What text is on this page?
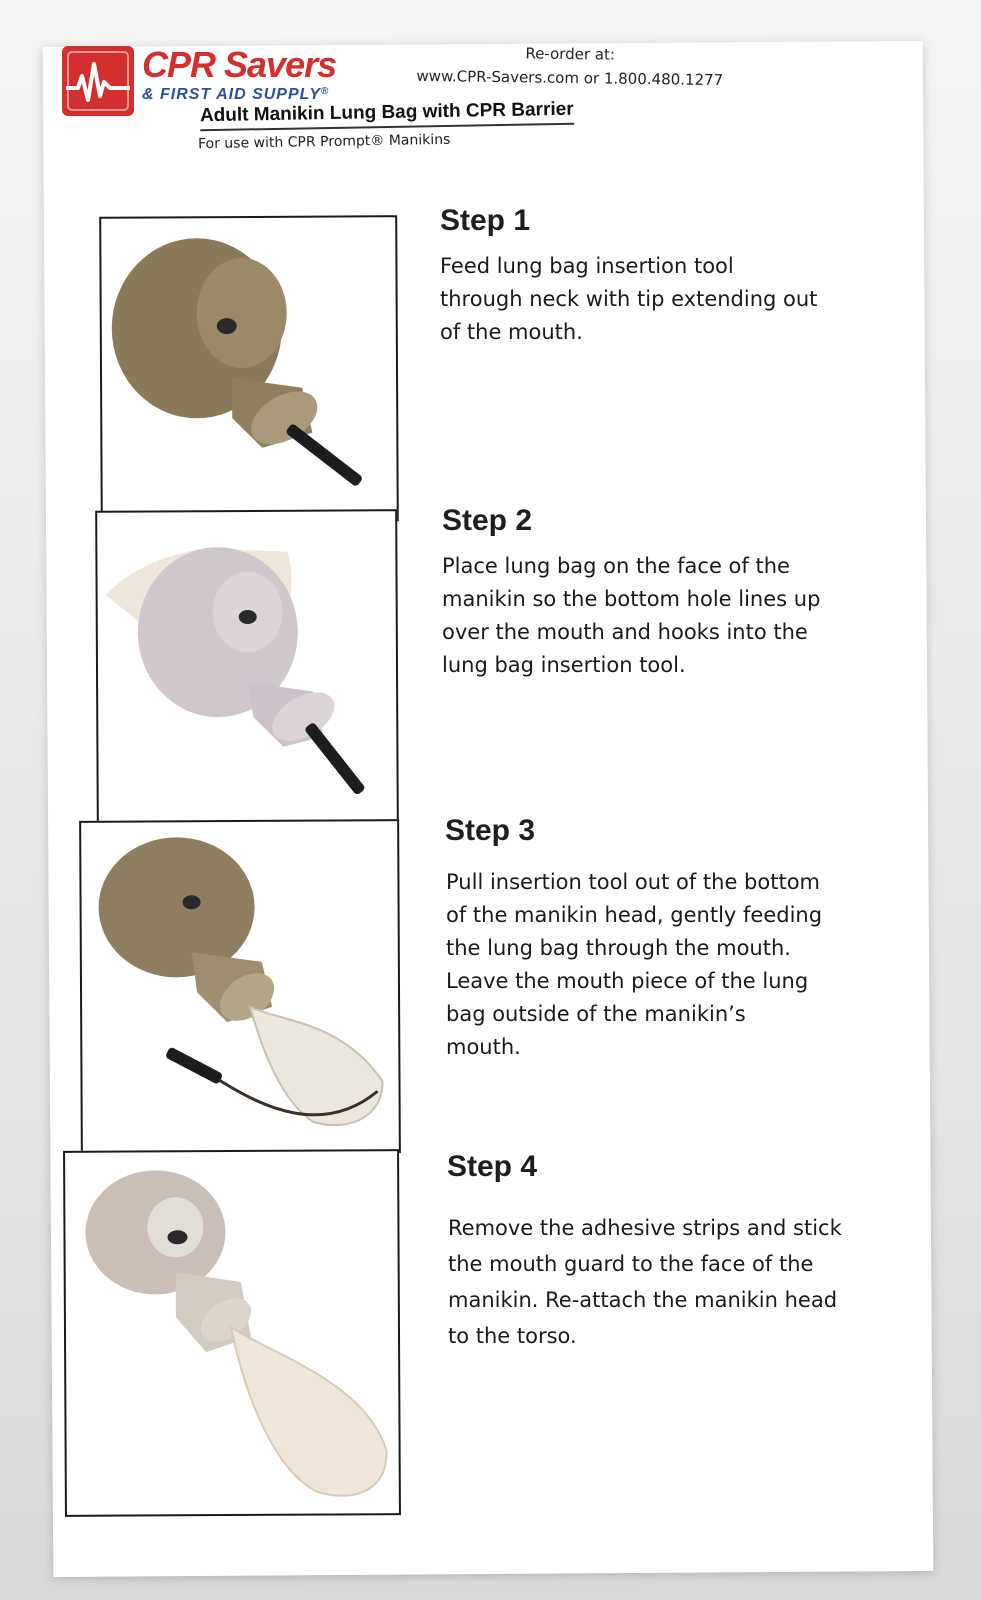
CPR Savers
& FIRST AID SUPPLY®
Re-order at:
www.CPR-Savers.com or 1.800.480.1277
Adult Manikin Lung Bag with CPR Barrier
For use with CPR Prompt® Manikins
Step 1
Feed lung bag insertion tool through neck with tip extending out of the mouth.
Step 2
Place lung bag on the face of the manikin so the bottom hole lines up over the mouth and hooks into the lung bag insertion tool.
Step 3
Pull insertion tool out of the bottom of the manikin head, gently feeding the lung bag through the mouth. Leave the mouth piece of the lung bag outside of the manikin’s mouth.
Step 4
Remove the adhesive strips and stick the mouth guard to the face of the manikin. Re-attach the manikin head to the torso.
